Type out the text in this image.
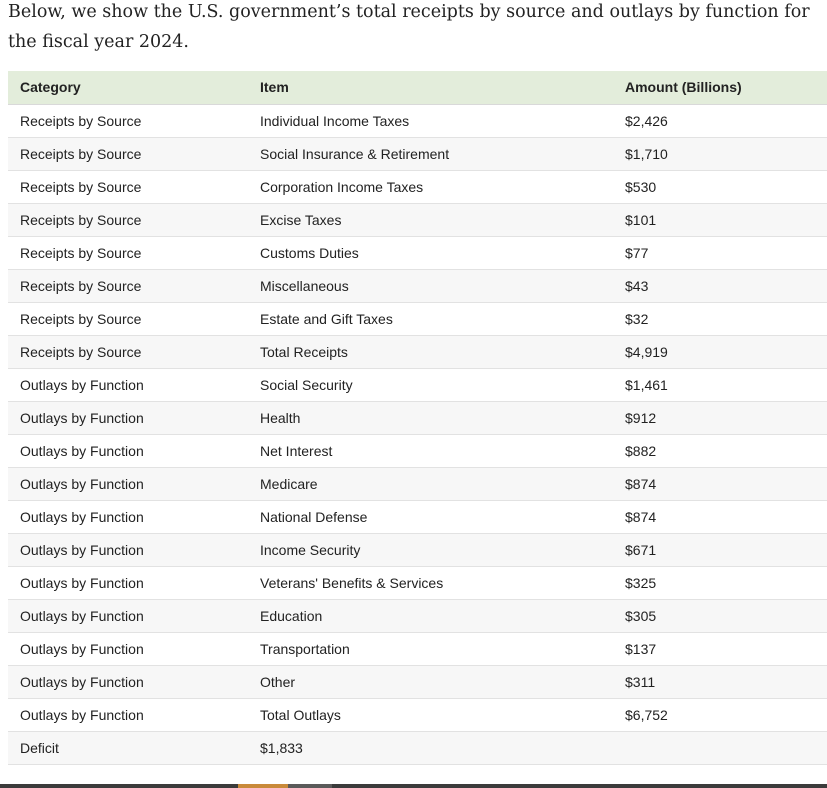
Below, we show the U.S. government’s total receipts by source and outlays by function for the fiscal year 2024.

Category	Item	Amount (Billions)
Receipts by Source	Individual Income Taxes	$2,426
Receipts by Source	Social Insurance & Retirement	$1,710
Receipts by Source	Corporation Income Taxes	$530
Receipts by Source	Excise Taxes	$101
Receipts by Source	Customs Duties	$77
Receipts by Source	Miscellaneous	$43
Receipts by Source	Estate and Gift Taxes	$32
Receipts by Source	Total Receipts	$4,919
Outlays by Function	Social Security	$1,461
Outlays by Function	Health	$912
Outlays by Function	Net Interest	$882
Outlays by Function	Medicare	$874
Outlays by Function	National Defense	$874
Outlays by Function	Income Security	$671
Outlays by Function	Veterans' Benefits & Services	$325
Outlays by Function	Education	$305
Outlays by Function	Transportation	$137
Outlays by Function	Other	$311
Outlays by Function	Total Outlays	$6,752
Deficit	$1,833	
